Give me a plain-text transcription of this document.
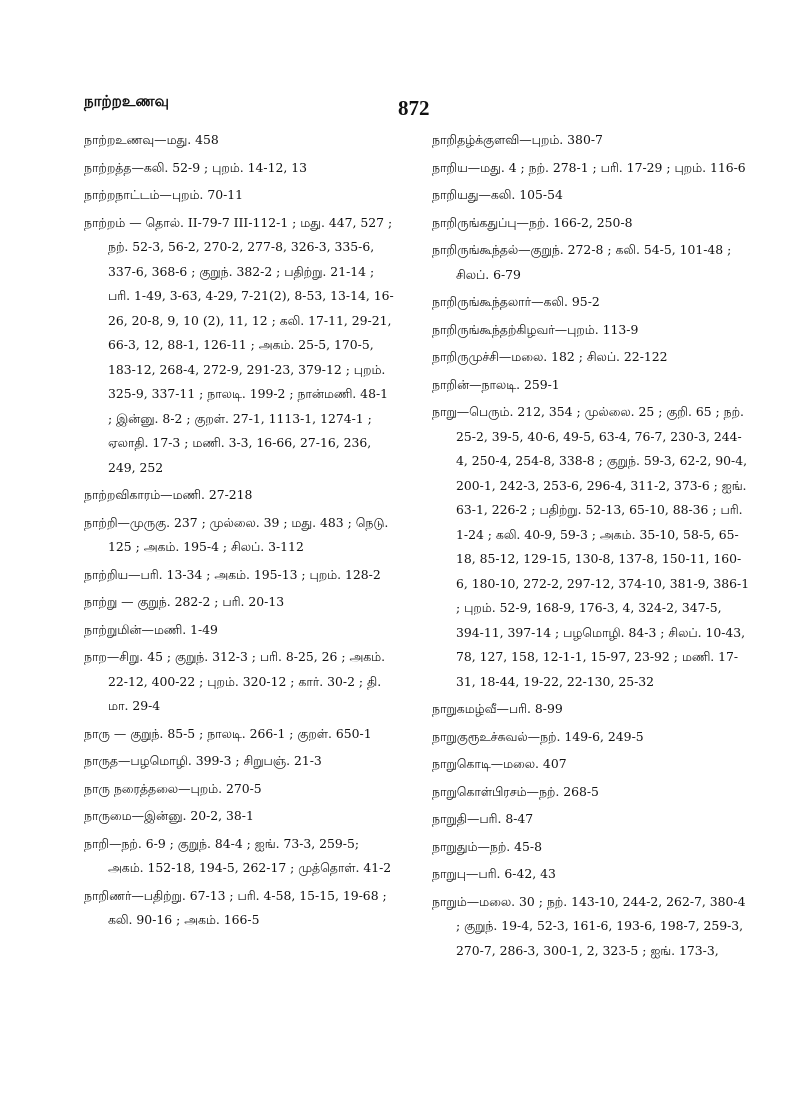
நாற்றஉணவு	872
நாற்றஉணவு—மது. 458
நாற்றத்த—கலி. 52-9 ; புறம். 14-12, 13
நாற்றநாட்டம்—புறம். 70-11
நாற்றம் — தொல். II-79-7 III-112-1 ; மது. 447, 527 ; நற். 52-3, 56-2, 270-2, 277-8, 326-3, 335-6, 337-6, 368-6 ; குறுந். 382-2 ; பதிற்று. 21-14 ; பரி. 1-49, 3-63, 4-29, 7-21(2), 8-53, 13-14, 16-26, 20-8, 9, 10 (2), 11, 12 ; கலி. 17-11, 29-21, 66-3, 12, 88-1, 126-11 ; அகம். 25-5, 170-5, 183-12, 268-4, 272-9, 291-23, 379-12 ; புறம். 325-9, 337-11 ; நாலடி. 199-2 ; நான்மணி. 48-1 ; இன்னு. 8-2 ; குறள். 27-1, 1113-1, 1274-1 ; ஏலாதி. 17-3 ; மணி. 3-3, 16-66, 27-16, 236, 249, 252
நாற்றவிகாரம்—மணி. 27-218
நாற்றி—முருகு. 237 ; முல்லை. 39 ; மது. 483 ; நெடு. 125 ; அகம். 195-4 ; சிலப். 3-112
நாற்றிய—பரி. 13-34 ; அகம். 195-13 ; புறம். 128-2
நாற்று — குறுந். 282-2 ; பரி. 20-13
நாற்றுமின்—மணி. 1-49
நாற—சிறு. 45 ; குறுந். 312-3 ; பரி. 8-25, 26 ; அகம். 22-12, 400-22 ; புறம். 320-12 ; கார். 30-2 ; தி. மா. 29-4
நாரு — குறுந். 85-5 ; நாலடி. 266-1 ; குறள். 650-1
நாருத—பழமொழி. 399-3 ; சிறுபஞ். 21-3
நாரு நரைத்தலை—புறம். 270-5
நாருமை—இன்னு. 20-2, 38-1
நாறி—நற். 6-9 ; குறுந். 84-4 ; ஐங். 73-3, 259-5; அகம். 152-18, 194-5, 262-17 ; முத்தொள். 41-2
நாறிணர்—பதிற்று. 67-13 ; பரி. 4-58, 15-15, 19-68 ; கலி. 90-16 ; அகம். 166-5
நாறிதழ்க்குளவி—புறம். 380-7
நாறிய—மது. 4 ; நற். 278-1 ; பரி. 17-29 ; புறம். 116-6
நாறியது—கலி. 105-54
நாறிருங்கதுப்பு—நற். 166-2, 250-8
நாறிருங்கூந்தல்—குறுந். 272-8 ; கலி. 54-5, 101-48 ; சிலப். 6-79
நாறிருங்கூந்தலார்—கலி. 95-2
நாறிருங்கூந்தற்கிழவர்—புறம். 113-9
நாறிருமுச்சி—மலை. 182 ; சிலப். 22-122
நாறின்—நாலடி. 259-1
நாறு—பெரும். 212, 354 ; முல்லை. 25 ; குறி. 65 ; நற். 25-2, 39-5, 40-6, 49-5, 63-4, 76-7, 230-3, 244-4, 250-4, 254-8, 338-8 ; குறுந். 59-3, 62-2, 90-4, 200-1, 242-3, 253-6, 296-4, 311-2, 373-6 ; ஐங். 63-1, 226-2 ; பதிற்று. 52-13, 65-10, 88-36 ; பரி. 1-24 ; கலி. 40-9, 59-3 ; அகம். 35-10, 58-5, 65-18, 85-12, 129-15, 130-8, 137-8, 150-11, 160-6, 180-10, 272-2, 297-12, 374-10, 381-9, 386-1 ; புறம். 52-9, 168-9, 176-3, 4, 324-2, 347-5, 394-11, 397-14 ; பழமொழி. 84-3 ; சிலப். 10-43, 78, 127, 158, 12-1-1, 15-97, 23-92 ; மணி. 17-31, 18-44, 19-22, 22-130, 25-32
நாறுகமழ்வீ—பரி. 8-99
நாறுகுரூஉச்சுவல்—நற். 149-6, 249-5
நாறுகொடி—மலை. 407
நாறுகொள்பிரசம்—நற். 268-5
நாறுதி—பரி. 8-47
நாறுதும்—நற். 45-8
நாறுபு—பரி. 6-42, 43
நாறும்—மலை. 30 ; நற். 143-10, 244-2, 262-7, 380-4 ; குறுந். 19-4, 52-3, 161-6, 193-6, 198-7, 259-3, 270-7, 286-3, 300-1, 2, 323-5 ; ஐங். 173-3,
